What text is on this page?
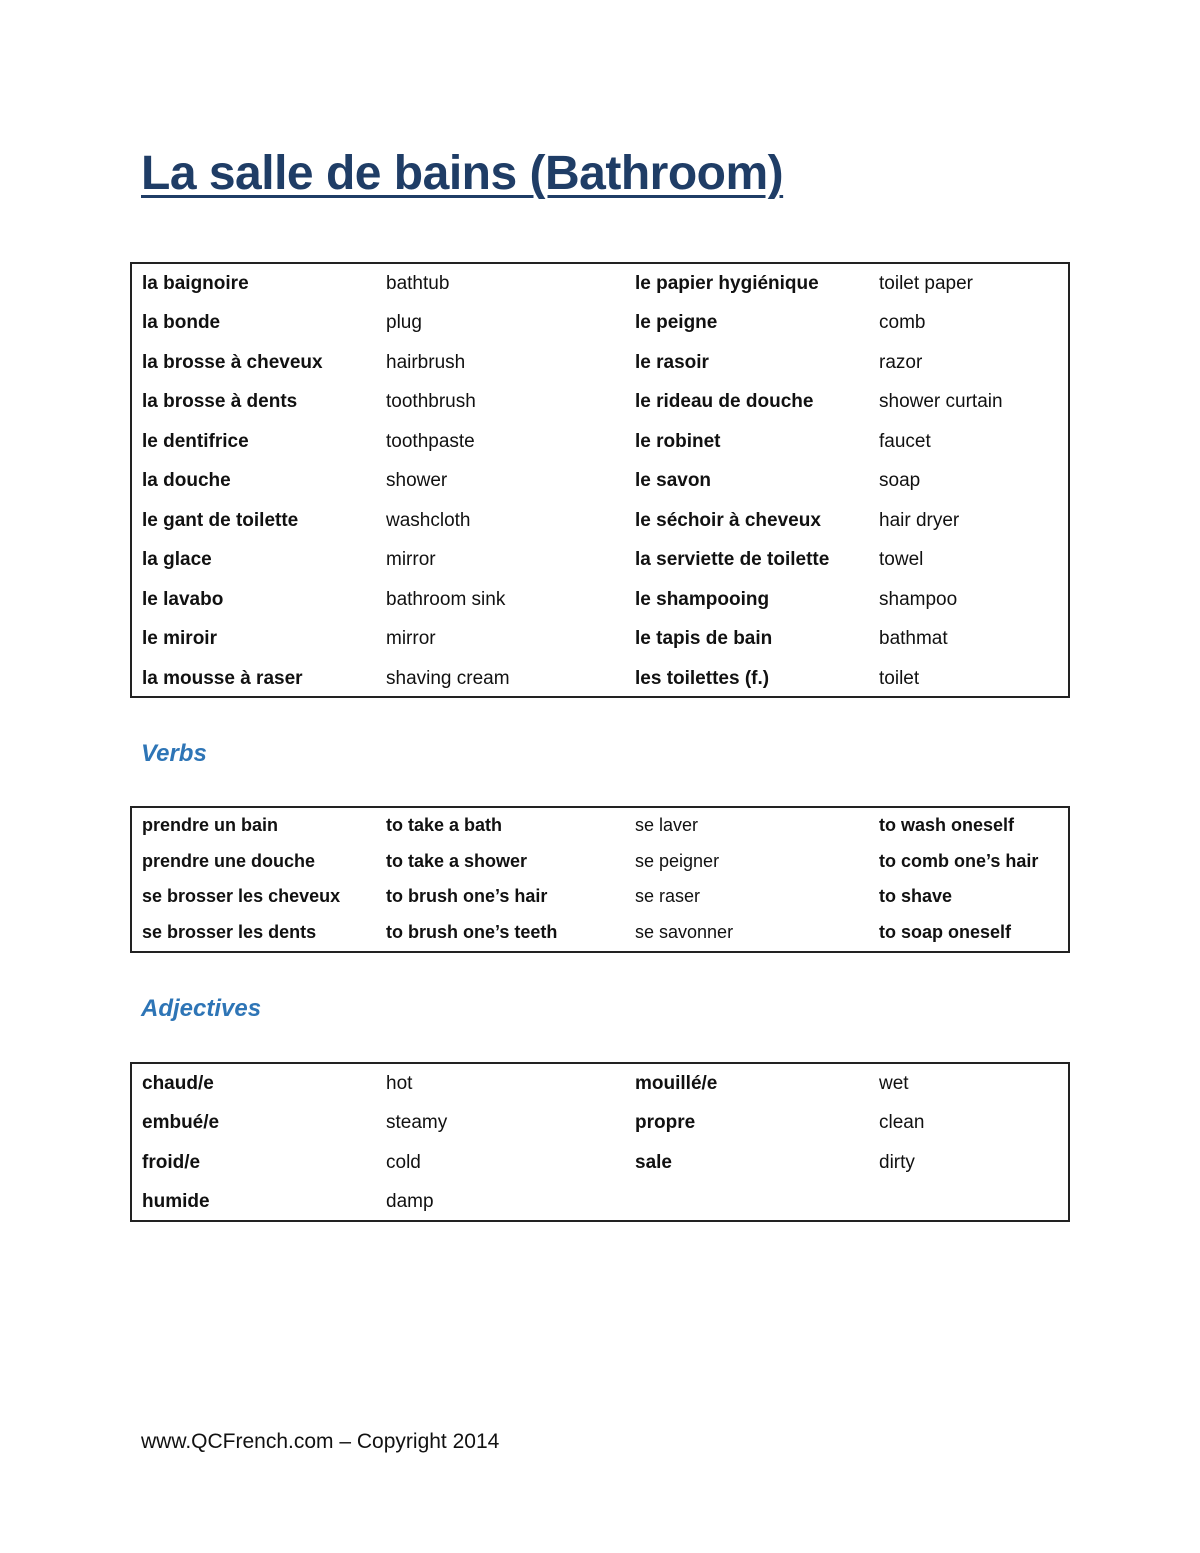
La salle de bains (Bathroom)
la baignoire	bathtub	le papier hygiénique	toilet paper
la bonde	plug	le peigne	comb
la brosse à cheveux	hairbrush	le rasoir	razor
la brosse à dents	toothbrush	le rideau de douche	shower curtain
le dentifrice	toothpaste	le robinet	faucet
la douche	shower	le savon	soap
le gant de toilette	washcloth	le séchoir à cheveux	hair dryer
la glace	mirror	la serviette de toilette	towel
le lavabo	bathroom sink	le shampooing	shampoo
le miroir	mirror	le tapis de bain	bathmat
la mousse à raser	shaving cream	les toilettes (f.)	toilet
Verbs
prendre un bain	to take a bath	se laver	to wash oneself
prendre une douche	to take a shower	se peigner	to comb one’s hair
se brosser les cheveux	to brush one’s hair	se raser	to shave
se brosser les dents	to brush one’s teeth	se savonner	to soap oneself
Adjectives
chaud/e	hot	mouillé/e	wet
embué/e	steamy	propre	clean
froid/e	cold	sale	dirty
humide	damp		
www.QCFrench.com – Copyright 2014
